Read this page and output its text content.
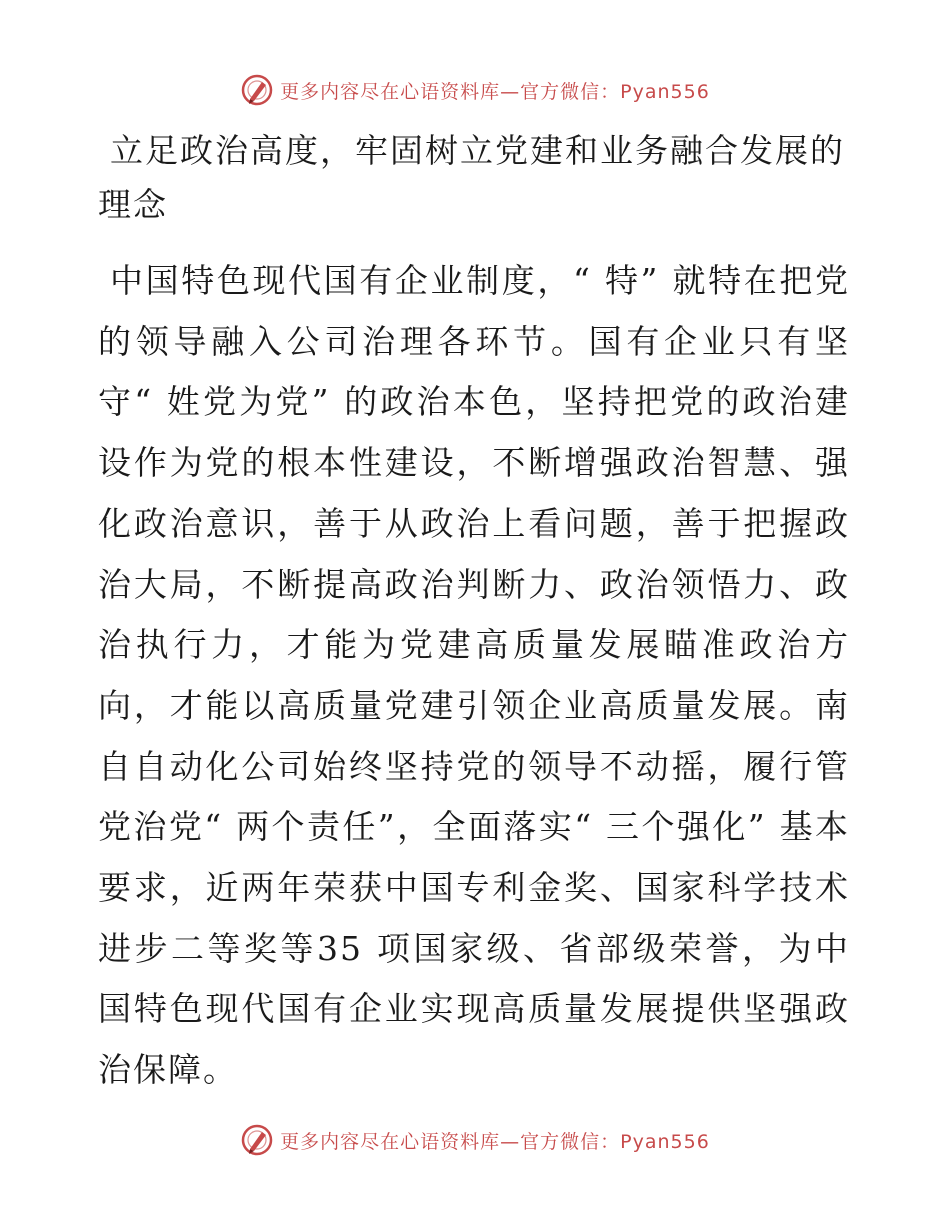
更多内容尽在心语资料库—官方微信：Pyan556
立足政治高度，牢固树立党建和业务融合发展的理念

中国特色现代国有企业制度，“ 特” 就特在把党的领导融入公司治理各环节。国有企业只有坚守“ 姓党为党” 的政治本色，坚持把党的政治建设作为党的根本性建设，不断增强政治智慧、强化政治意识，善于从政治上看问题，善于把握政治大局，不断提高政治判断力、政治领悟力、政治执行力，才能为党建高质量发展瞄准政治方向，才能以高质量党建引领企业高质量发展。南自自动化公司始终坚持党的领导不动摇，履行管党治党“ 两个责任”，全面落实“ 三个强化” 基本要求，近两年荣获中国专利金奖、国家科学技术进步二等奖等35 项国家级、省部级荣誉，为中国特色现代国有企业实现高质量发展提供坚强政治保障。

更多内容尽在心语资料库—官方微信：Pyan556
